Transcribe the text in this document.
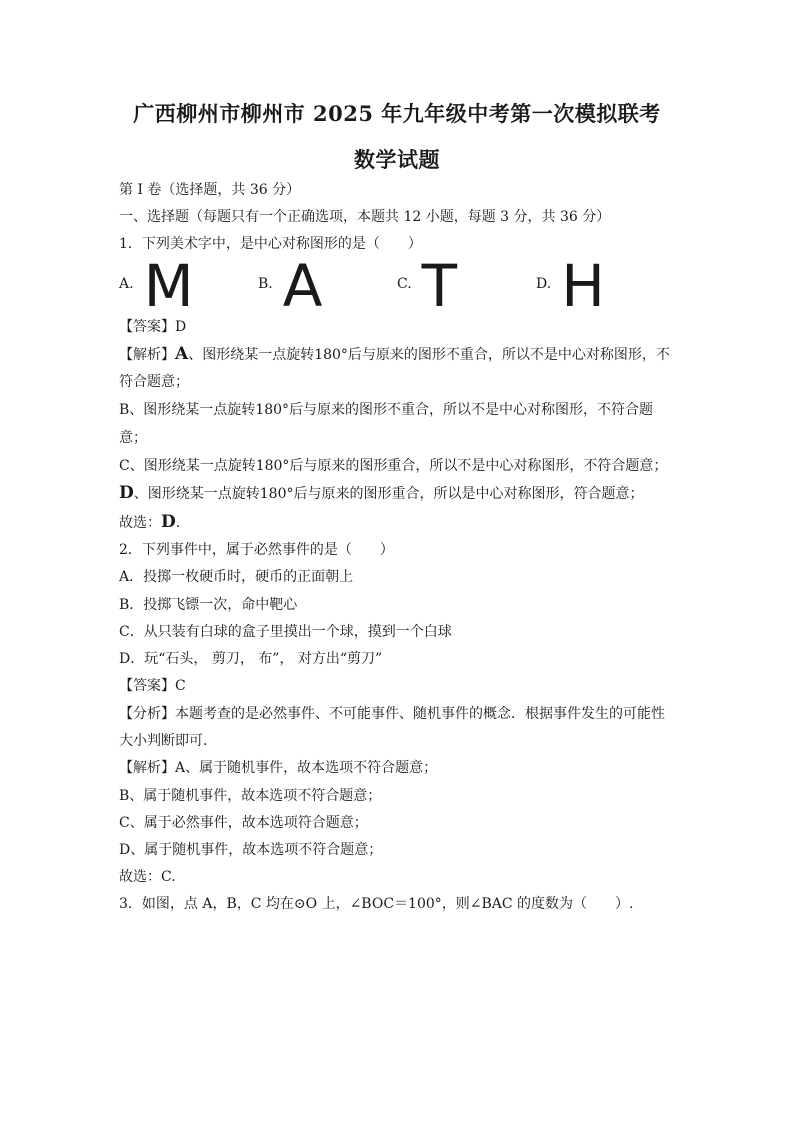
广西柳州市柳州市 2025 年九年级中考第一次模拟联考
数学试题
第 I 卷（选择题，共 36 分）
一、选择题（每题只有一个正确选项，本题共 12 小题，每题 3 分，共 36 分）
1．下列美术字中，是中心对称图形的是（　　）
A. M	B. A	C. T	D. H
【答案】D
【解析】A、图形绕某一点旋转180°后与原来的图形不重合，所以不是中心对称图形，不
符合题意；
B、图形绕某一点旋转180°后与原来的图形不重合，所以不是中心对称图形，不符合题
意；
C、图形绕某一点旋转180°后与原来的图形重合，所以不是中心对称图形，不符合题意；
D、图形绕某一点旋转180°后与原来的图形重合，所以是中心对称图形，符合题意；
故选：D.
2．下列事件中，属于必然事件的是（　　）
A．投掷一枚硬币时，硬币的正面朝上
B．投掷飞镖一次，命中靶心
C．从只装有白球的盒子里摸出一个球，摸到一个白球
D．玩“石头， 剪刀， 布”， 对方出“剪刀”
【答案】C
【分析】本题考查的是必然事件、不可能事件、随机事件的概念．根据事件发生的可能性
大小判断即可．
【解析】A、属于随机事件，故本选项不符合题意；
B、属于随机事件，故本选项不符合题意；
C、属于必然事件，故本选项符合题意；
D、属于随机事件，故本选项不符合题意；
故选：C.
3．如图，点 A，B，C 均在⊙O 上，∠BOC＝100°，则∠BAC 的度数为（　　）.
